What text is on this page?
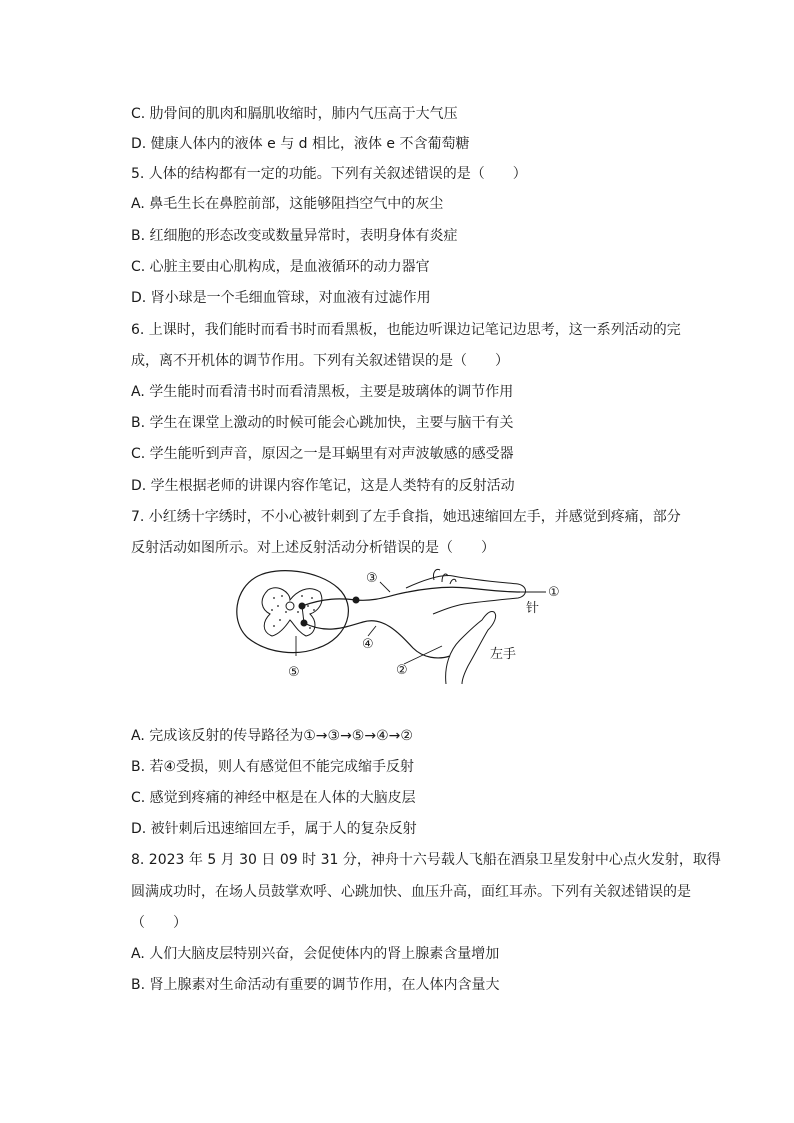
C. 肋骨间的肌肉和膈肌收缩时，肺内气压高于大气压
D. 健康人体内的液体 e 与 d 相比，液体 e 不含葡萄糖
5. 人体的结构都有一定的功能。下列有关叙述错误的是（　　）
A. 鼻毛生长在鼻腔前部，这能够阻挡空气中的灰尘
B. 红细胞的形态改变或数量异常时，表明身体有炎症
C. 心脏主要由心肌构成，是血液循环的动力器官
D. 肾小球是一个毛细血管球，对血液有过滤作用
6. 上课时，我们能时而看书时而看黑板，也能边听课边记笔记边思考，这一系列活动的完
成，离不开机体的调节作用。下列有关叙述错误的是（　　）
A. 学生能时而看清书时而看清黑板，主要是玻璃体的调节作用
B. 学生在课堂上激动的时候可能会心跳加快，主要与脑干有关
C. 学生能听到声音，原因之一是耳蜗里有对声波敏感的感受器
D. 学生根据老师的讲课内容作笔记，这是人类特有的反射活动
7. 小红绣十字绣时，不小心被针刺到了左手食指，她迅速缩回左手，并感觉到疼痛，部分
反射活动如图所示。对上述反射活动分析错误的是（　　）
①
针
③
④
②
⑤
左手
A. 完成该反射的传导路径为①→③→⑤→④→②
B. 若④受损，则人有感觉但不能完成缩手反射
C. 感觉到疼痛的神经中枢是在人体的大脑皮层
D. 被针刺后迅速缩回左手，属于人的复杂反射
8. 2023 年 5 月 30 日 09 时 31 分，神舟十六号载人飞船在酒泉卫星发射中心点火发射，取得
圆满成功时，在场人员鼓掌欢呼、心跳加快、血压升高，面红耳赤。下列有关叙述错误的是
（　　）
A. 人们大脑皮层特别兴奋，会促使体内的肾上腺素含量增加
B. 肾上腺素对生命活动有重要的调节作用，在人体内含量大
